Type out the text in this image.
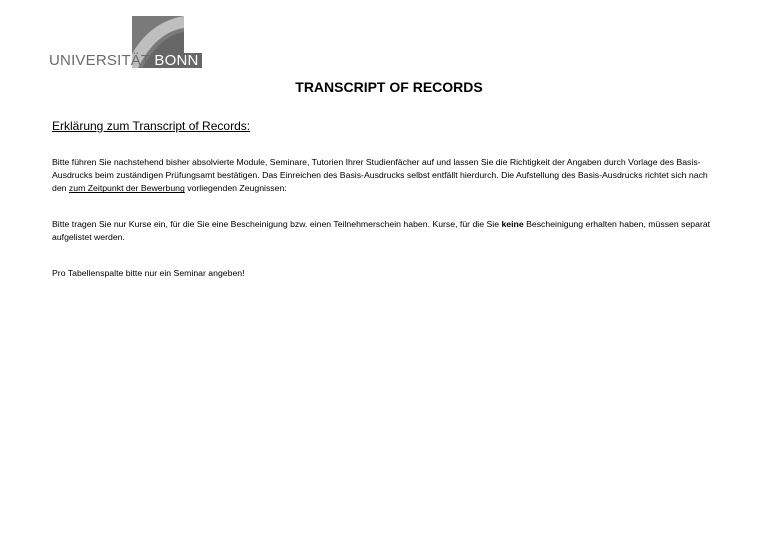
UNIVERSITÄT BONN
TRANSCRIPT OF RECORDS
Erklärung zum Transcript of Records:
Bitte führen Sie nachstehend bisher absolvierte Module, Seminare, Tutorien Ihrer Studienfächer auf und lassen Sie die Richtigkeit der Angaben durch Vorlage des Basis-Ausdrucks beim zuständigen Prüfungsamt bestätigen. Das Einreichen des Basis-Ausdrucks selbst entfällt hierdurch. Die Aufstellung des Basis-Ausdrucks richtet sich nach den zum Zeitpunkt der Bewerbung vorliegenden Zeugnissen:
Bitte tragen Sie nur Kurse ein, für die Sie eine Bescheinigung bzw. einen Teilnehmerschein haben. Kurse, für die Sie keine Bescheinigung erhalten haben, müssen separat aufgelistet werden.
Pro Tabellenspalte bitte nur ein Seminar angeben!
